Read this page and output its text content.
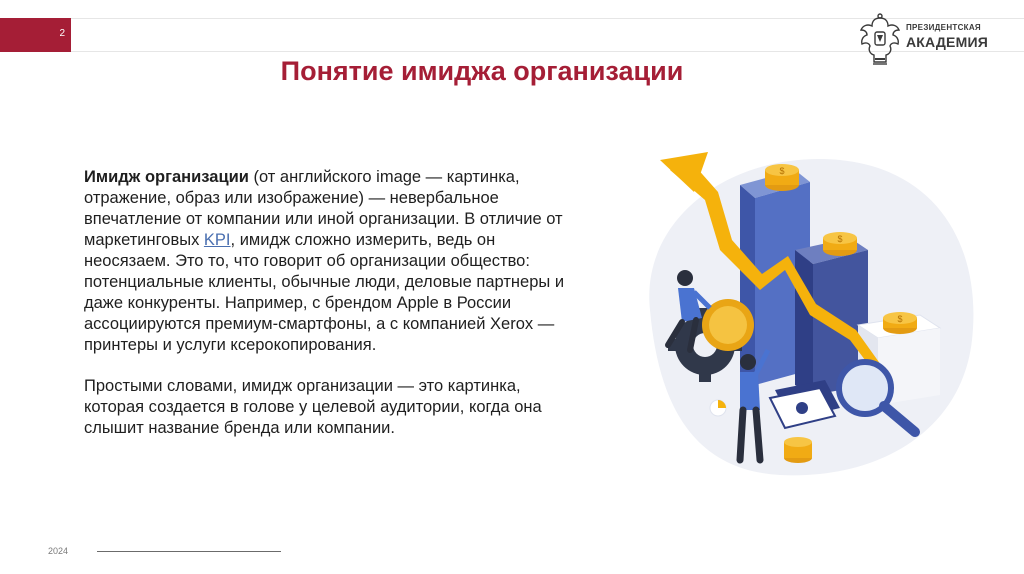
2
ПРЕЗИДЕНТСКАЯ
АКАДЕМИЯ
Понятие имиджа организации

Имидж организации (от английского image — картинка, отражение, образ или изображение) — невербальное впечатление от компании или иной организации. В отличие от маркетинговых KPI, имидж сложно измерить, ведь он неосязаем. Это то, что говорит об организации общество: потенциальные клиенты, обычные люди, деловые партнеры и даже конкуренты. Например, с брендом Apple в России ассоциируются премиум-смартфоны, а с компанией Xerox — принтеры и услуги ксерокопирования.

Простыми словами, имидж организации — это картинка, которая создается в голове у целевой аудитории, когда она слышит название бренда или компании.

$
$
$
2024
